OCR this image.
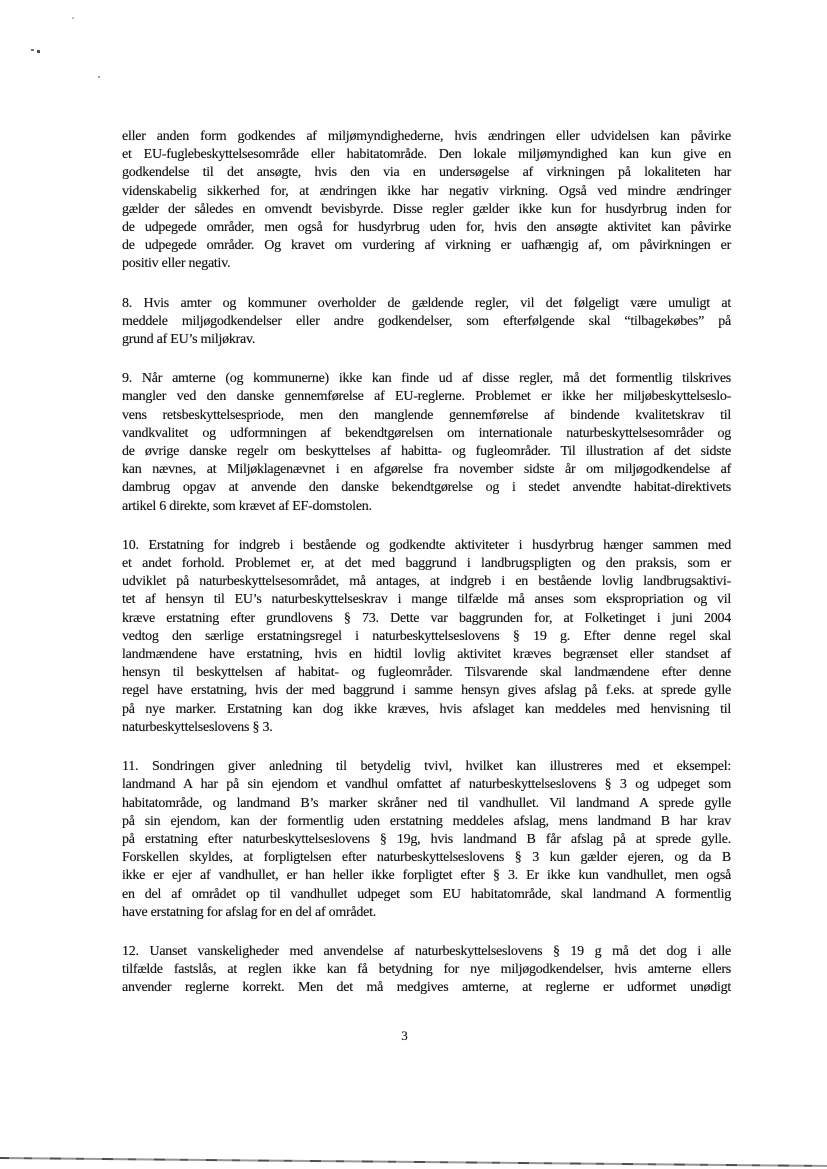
eller anden form godkendes af miljømyndighederne, hvis ændringen eller udvidelsen kan påvirke
et EU-fuglebeskyttelsesområde eller habitatområde. Den lokale miljømyndighed kan kun give en
godkendelse til det ansøgte, hvis den via en undersøgelse af virkningen på lokaliteten har
videnskabelig sikkerhed for, at ændringen ikke har negativ virkning. Også ved mindre ændringer
gælder der således en omvendt bevisbyrde. Disse regler gælder ikke kun for husdyrbrug inden for
de udpegede områder, men også for husdyrbrug uden for, hvis den ansøgte aktivitet kan påvirke
de udpegede områder. Og kravet om vurdering af virkning er uafhængig af, om påvirkningen er
positiv eller negativ.
8. Hvis amter og kommuner overholder de gældende regler, vil det følgeligt være umuligt at
meddele miljøgodkendelser eller andre godkendelser, som efterfølgende skal “tilbagekøbes” på
grund af EU’s miljøkrav.
9. Når amterne (og kommunerne) ikke kan finde ud af disse regler, må det formentlig tilskrives
mangler ved den danske gennemførelse af EU-reglerne. Problemet er ikke her miljøbeskyttelseslo-
vens retsbeskyttelsespriode, men den manglende gennemførelse af bindende kvalitetskrav til
vandkvalitet og udformningen af bekendtgørelsen om internationale naturbeskyttelsesområder og
de øvrige danske regelr om beskyttelses af habitta- og fugleområder. Til illustration af det sidste
kan nævnes, at Miljøklagenævnet i en afgørelse fra november sidste år om miljøgodkendelse af
dambrug opgav at anvende den danske bekendtgørelse og i stedet anvendte habitat-direktivets
artikel 6 direkte, som krævet af EF-domstolen.
10. Erstatning for indgreb i bestående og godkendte aktiviteter i husdyrbrug hænger sammen med
et andet forhold. Problemet er, at det med baggrund i landbrugspligten og den praksis, som er
udviklet på naturbeskyttelsesområdet, må antages, at indgreb i en bestående lovlig landbrugsaktivi-
tet af hensyn til EU’s naturbeskyttelseskrav i mange tilfælde må anses som ekspropriation og vil
kræve erstatning efter grundlovens § 73. Dette var baggrunden for, at Folketinget i juni 2004
vedtog den særlige erstatningsregel i naturbeskyttelseslovens § 19 g. Efter denne regel skal
landmændene have erstatning, hvis en hidtil lovlig aktivitet kræves begrænset eller standset af
hensyn til beskyttelsen af habitat- og fugleområder. Tilsvarende skal landmændene efter denne
regel have erstatning, hvis der med baggrund i samme hensyn gives afslag på f.eks. at sprede gylle
på nye marker. Erstatning kan dog ikke kræves, hvis afslaget kan meddeles med henvisning til
naturbeskyttelseslovens § 3.
11. Sondringen giver anledning til betydelig tvivl, hvilket kan illustreres med et eksempel:
landmand A har på sin ejendom et vandhul omfattet af naturbeskyttelseslovens § 3 og udpeget som
habitatområde, og landmand B’s marker skråner ned til vandhullet. Vil landmand A sprede gylle
på sin ejendom, kan der formentlig uden erstatning meddeles afslag, mens landmand B har krav
på erstatning efter naturbeskyttelseslovens § 19g, hvis landmand B får afslag på at sprede gylle.
Forskellen skyldes, at forpligtelsen efter naturbeskyttelseslovens § 3 kun gælder ejeren, og da B
ikke er ejer af vandhullet, er han heller ikke forpligtet efter § 3. Er ikke kun vandhullet, men også
en del af området op til vandhullet udpeget som EU habitatområde, skal landmand A formentlig
have erstatning for afslag for en del af området.
12. Uanset vanskeligheder med anvendelse af naturbeskyttelseslovens § 19 g må det dog i alle
tilfælde fastslås, at reglen ikke kan få betydning for nye miljøgodkendelser, hvis amterne ellers
anvender reglerne korrekt. Men det må medgives amterne, at reglerne er udformet unødigt
3
